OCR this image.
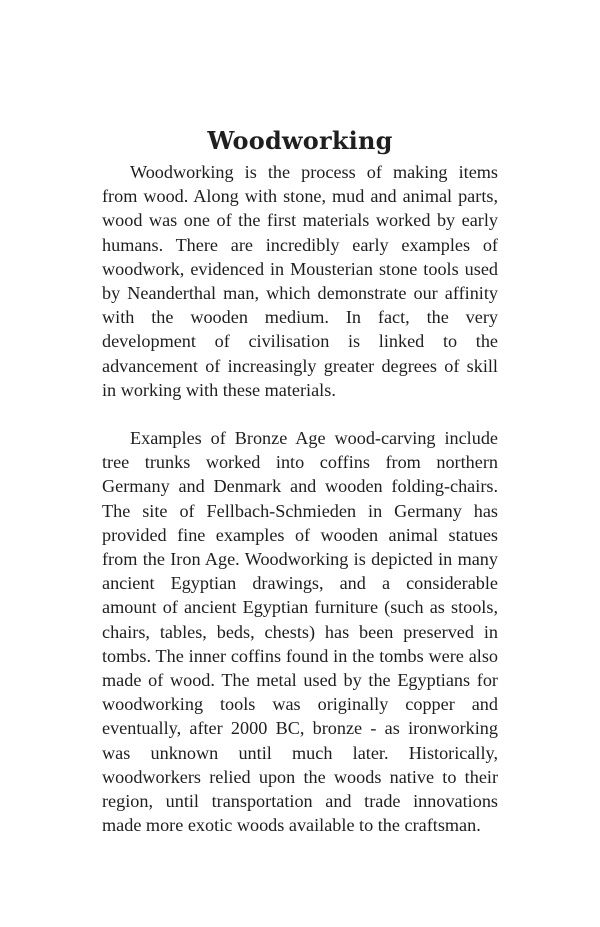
Woodworking

Woodworking is the process of making items from wood. Along with stone, mud and animal parts, wood was one of the first materials worked by early humans. There are incredibly early examples of woodwork, evidenced in Mousterian stone tools used by Neanderthal man, which demonstrate our affinity with the wooden medium. In fact, the very development of civilisation is linked to the advancement of increasingly greater degrees of skill in working with these materials.

Examples of Bronze Age wood-carving include tree trunks worked into coffins from northern Germany and Denmark and wooden folding-chairs. The site of Fellbach-Schmieden in Germany has provided fine examples of wooden animal statues from the Iron Age. Woodworking is depicted in many ancient Egyptian drawings, and a considerable amount of ancient Egyptian furniture (such as stools, chairs, tables, beds, chests) has been preserved in tombs. The inner coffins found in the tombs were also made of wood. The metal used by the Egyptians for woodworking tools was originally copper and eventually, after 2000 BC, bronze - as ironworking was unknown until much later. Historically, woodworkers relied upon the woods native to their region, until transportation and trade innovations made more exotic woods available to the craftsman.
